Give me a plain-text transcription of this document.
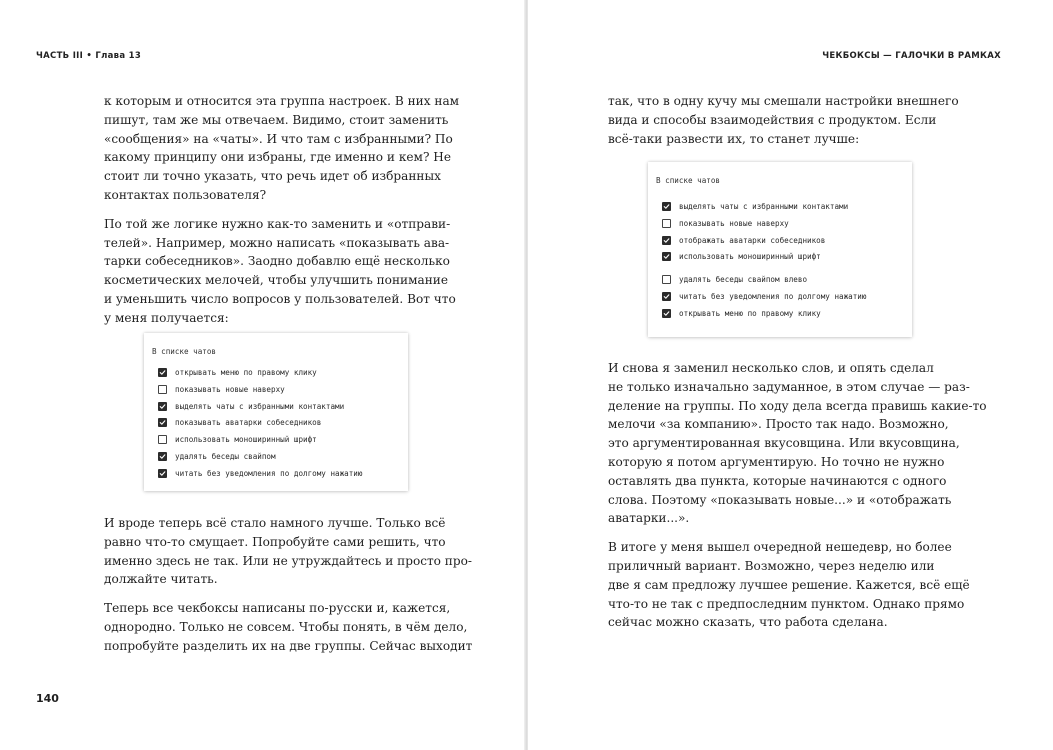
ЧАСТЬ III • Глава 13

к которым и относится эта группа настроек. В них нам
пишут, там же мы отвечаем. Видимо, стоит заменить
«сообщения» на «чаты». И что там с избранными? По
какому принципу они избраны, где именно и кем? Не
стоит ли точно указать, что речь идет об избранных
контактах пользователя?

По той же логике нужно как-то заменить и «отправи-
телей». Например, можно написать «показывать ава-
тарки собеседников». Заодно добавлю ещё несколько
косметических мелочей, чтобы улучшить понимание
и уменьшить число вопросов у пользователей. Вот что
у меня получается:

В списке чатов
открывать меню по правому клику
показывать новые наверху
выделять чаты с избранными контактами
показывать аватарки собеседников
использовать моноширинный шрифт
удалять беседы свайпом
читать без уведомления по долгому нажатию

И вроде теперь всё стало намного лучше. Только всё
равно что-то смущает. Попробуйте сами решить, что
именно здесь не так. Или не утруждайтесь и просто про-
должайте читать.

Теперь все чекбоксы написаны по-русски и, кажется,
однородно. Только не совсем. Чтобы понять, в чём дело,
попробуйте разделить их на две группы. Сейчас выходит

140
ЧЕКБОКСЫ — ГАЛОЧКИ В РАМКАХ

так, что в одну кучу мы смешали настройки внешнего
вида и способы взаимодействия с продуктом. Если
всё-таки развести их, то станет лучше:

В списке чатов
выделять чаты с избранными контактами
показывать новые наверху
отображать аватарки собеседников
использовать моноширинный шрифт
удалять беседы свайпом влево
читать без уведомления по долгому нажатию
открывать меню по правому клику

И снова я заменил несколько слов, и опять сделал
не только изначально задуманное, в этом случае — раз-
деление на группы. По ходу дела всегда правишь какие-то
мелочи «за компанию». Просто так надо. Возможно,
это аргументированная вкусовщина. Или вкусовщина,
которую я потом аргументирую. Но точно не нужно
оставлять два пункта, которые начинаются с одного
слова. Поэтому «показывать новые...» и «отображать
аватарки...».

В итоге у меня вышел очередной нешедевр, но более
приличный вариант. Возможно, через неделю или
две я сам предложу лучшее решение. Кажется, всё ещё
что-то не так с предпоследним пунктом. Однако прямо
сейчас можно сказать, что работа сделана.
